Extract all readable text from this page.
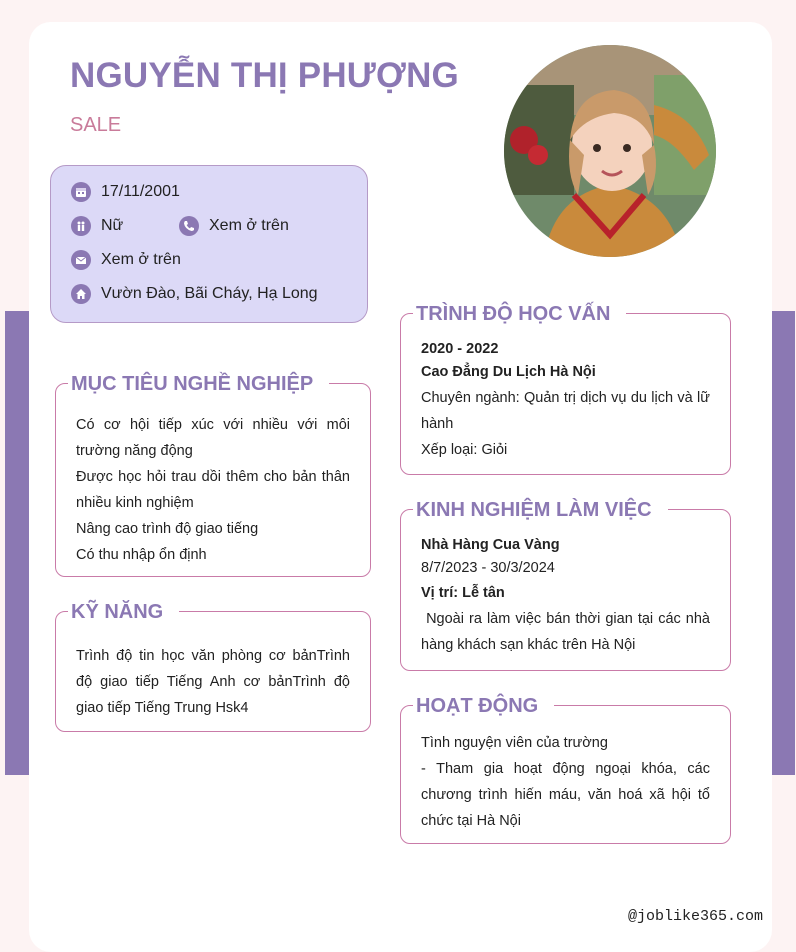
NGUYỄN THỊ PHƯỢNG
SALE
17/11/2001
Nữ	Xem ở trên
Xem ở trên
Vườn Đào, Bãi Cháy, Hạ Long
MỤC TIÊU NGHỀ NGHIỆP

Có cơ hội tiếp xúc với nhiều với môi trường năng động

Được học hỏi trau dồi thêm cho bản thân nhiều kinh nghiệm

Nâng cao trình độ giao tiếng

Có thu nhập ổn định

KỸ NĂNG

Trình độ tin học văn phòng cơ bảnTrình độ giao tiếp Tiếng Anh cơ bảnTrình độ giao tiếp Tiếng Trung Hsk4

TRÌNH ĐỘ HỌC VẤN

2020 - 2022

Cao Đẳng Du Lịch Hà Nội

Chuyên ngành: Quản trị dịch vụ du lịch và lữ hành

Xếp loại: Giỏi

KINH NGHIỆM LÀM VIỆC

Nhà Hàng Cua Vàng

8/7/2023 - 30/3/2024

Vị trí: Lễ tân

Ngoài ra làm việc bán thời gian tại các nhà hàng khách sạn khác trên Hà Nội

HOẠT ĐỘNG

Tình nguyện viên của trường

- Tham gia hoạt động ngoại khóa, các chương trình hiến máu, văn hoá xã hội tổ chức tại Hà Nội

@joblike365.com
